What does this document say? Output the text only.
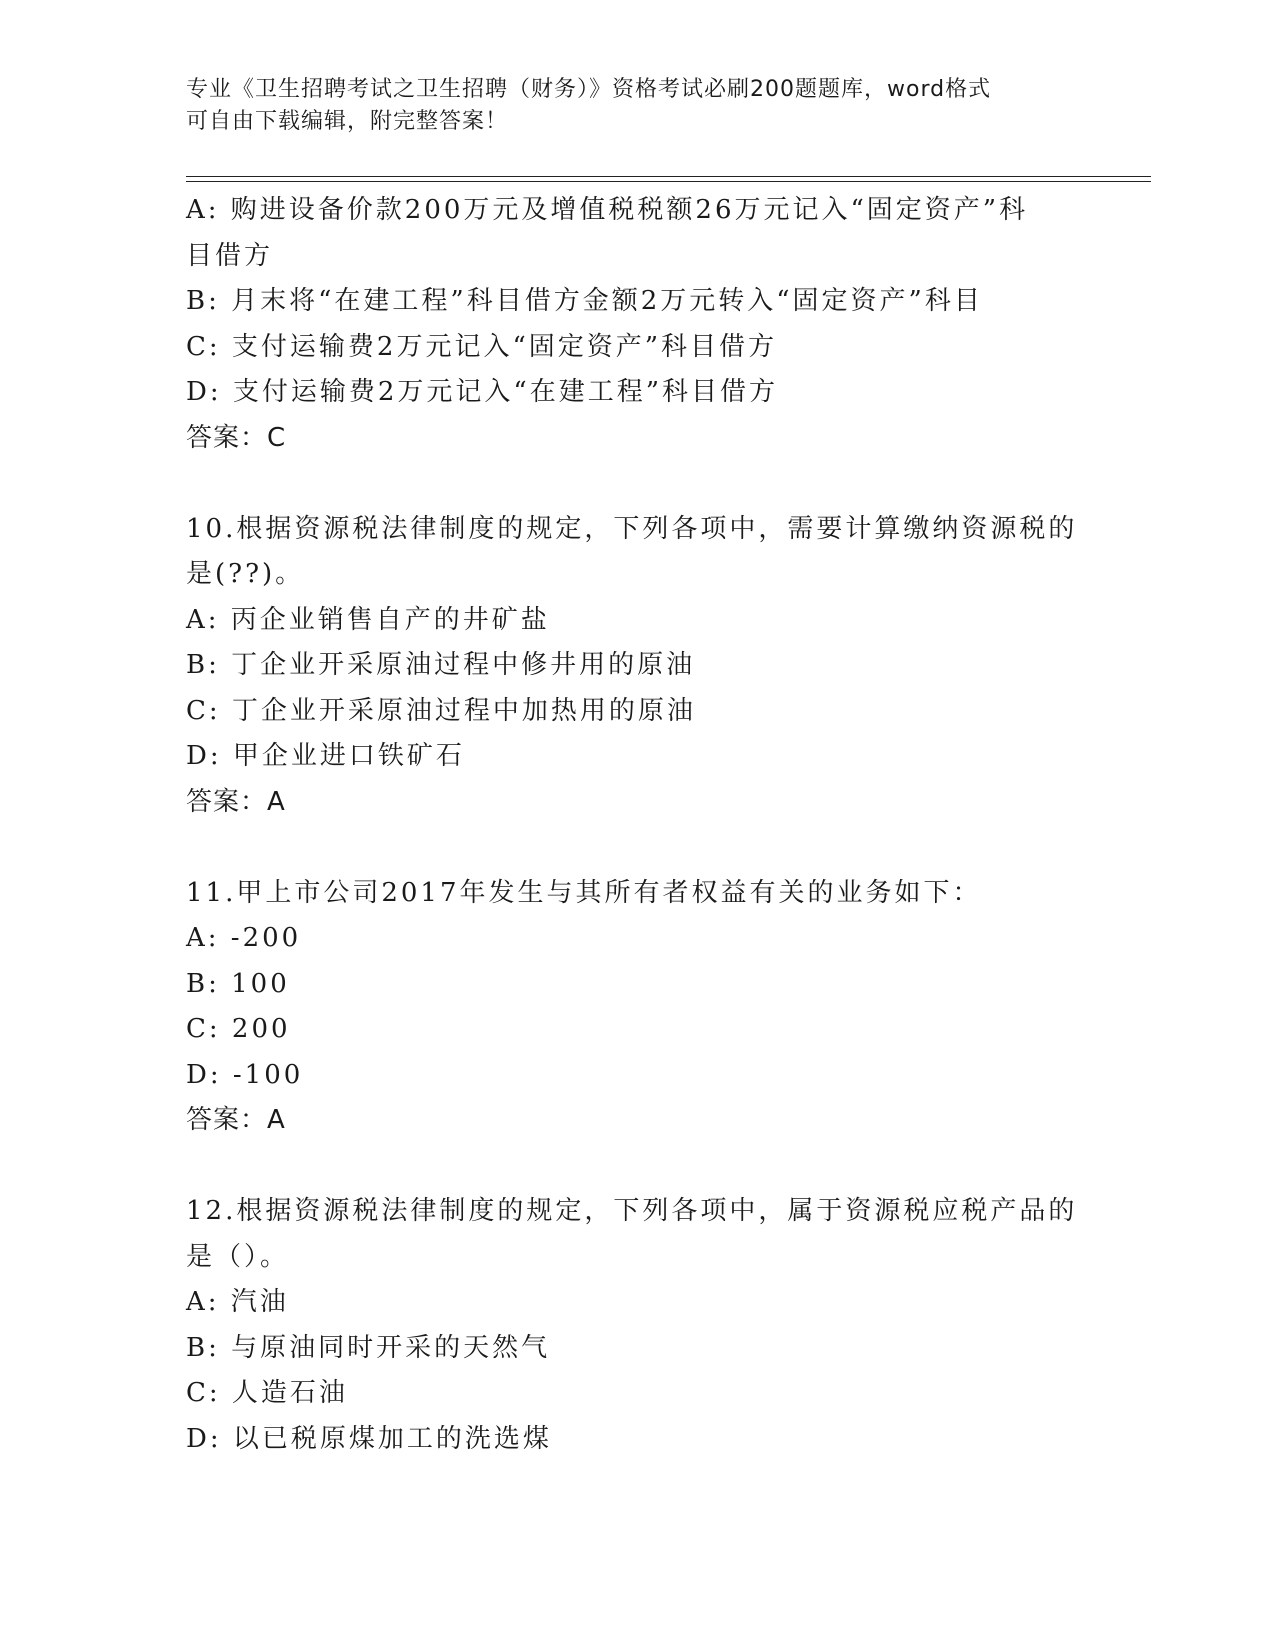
专业《卫生招聘考试之卫生招聘（财务）》资格考试必刷200题题库，word格式
可自由下载编辑，附完整答案！
A: 购进设备价款200万元及增值税税额26万元记入“固定资产”科
目借方
B: 月末将“在建工程”科目借方金额2万元转入“固定资产”科目
C: 支付运输费2万元记入“固定资产”科目借方
D: 支付运输费2万元记入“在建工程”科目借方
答案：C
10.根据资源税法律制度的规定，下列各项中，需要计算缴纳资源税的
是(??)。
A: 丙企业销售自产的井矿盐
B: 丁企业开采原油过程中修井用的原油
C: 丁企业开采原油过程中加热用的原油
D: 甲企业进口铁矿石
答案：A
11.甲上市公司2017年发生与其所有者权益有关的业务如下：
A: -200
B: 100
C: 200
D: -100
答案：A
12.根据资源税法律制度的规定，下列各项中，属于资源税应税产品的
是（）。
A: 汽油
B: 与原油同时开采的天然气
C: 人造石油
D: 以已税原煤加工的洗选煤
